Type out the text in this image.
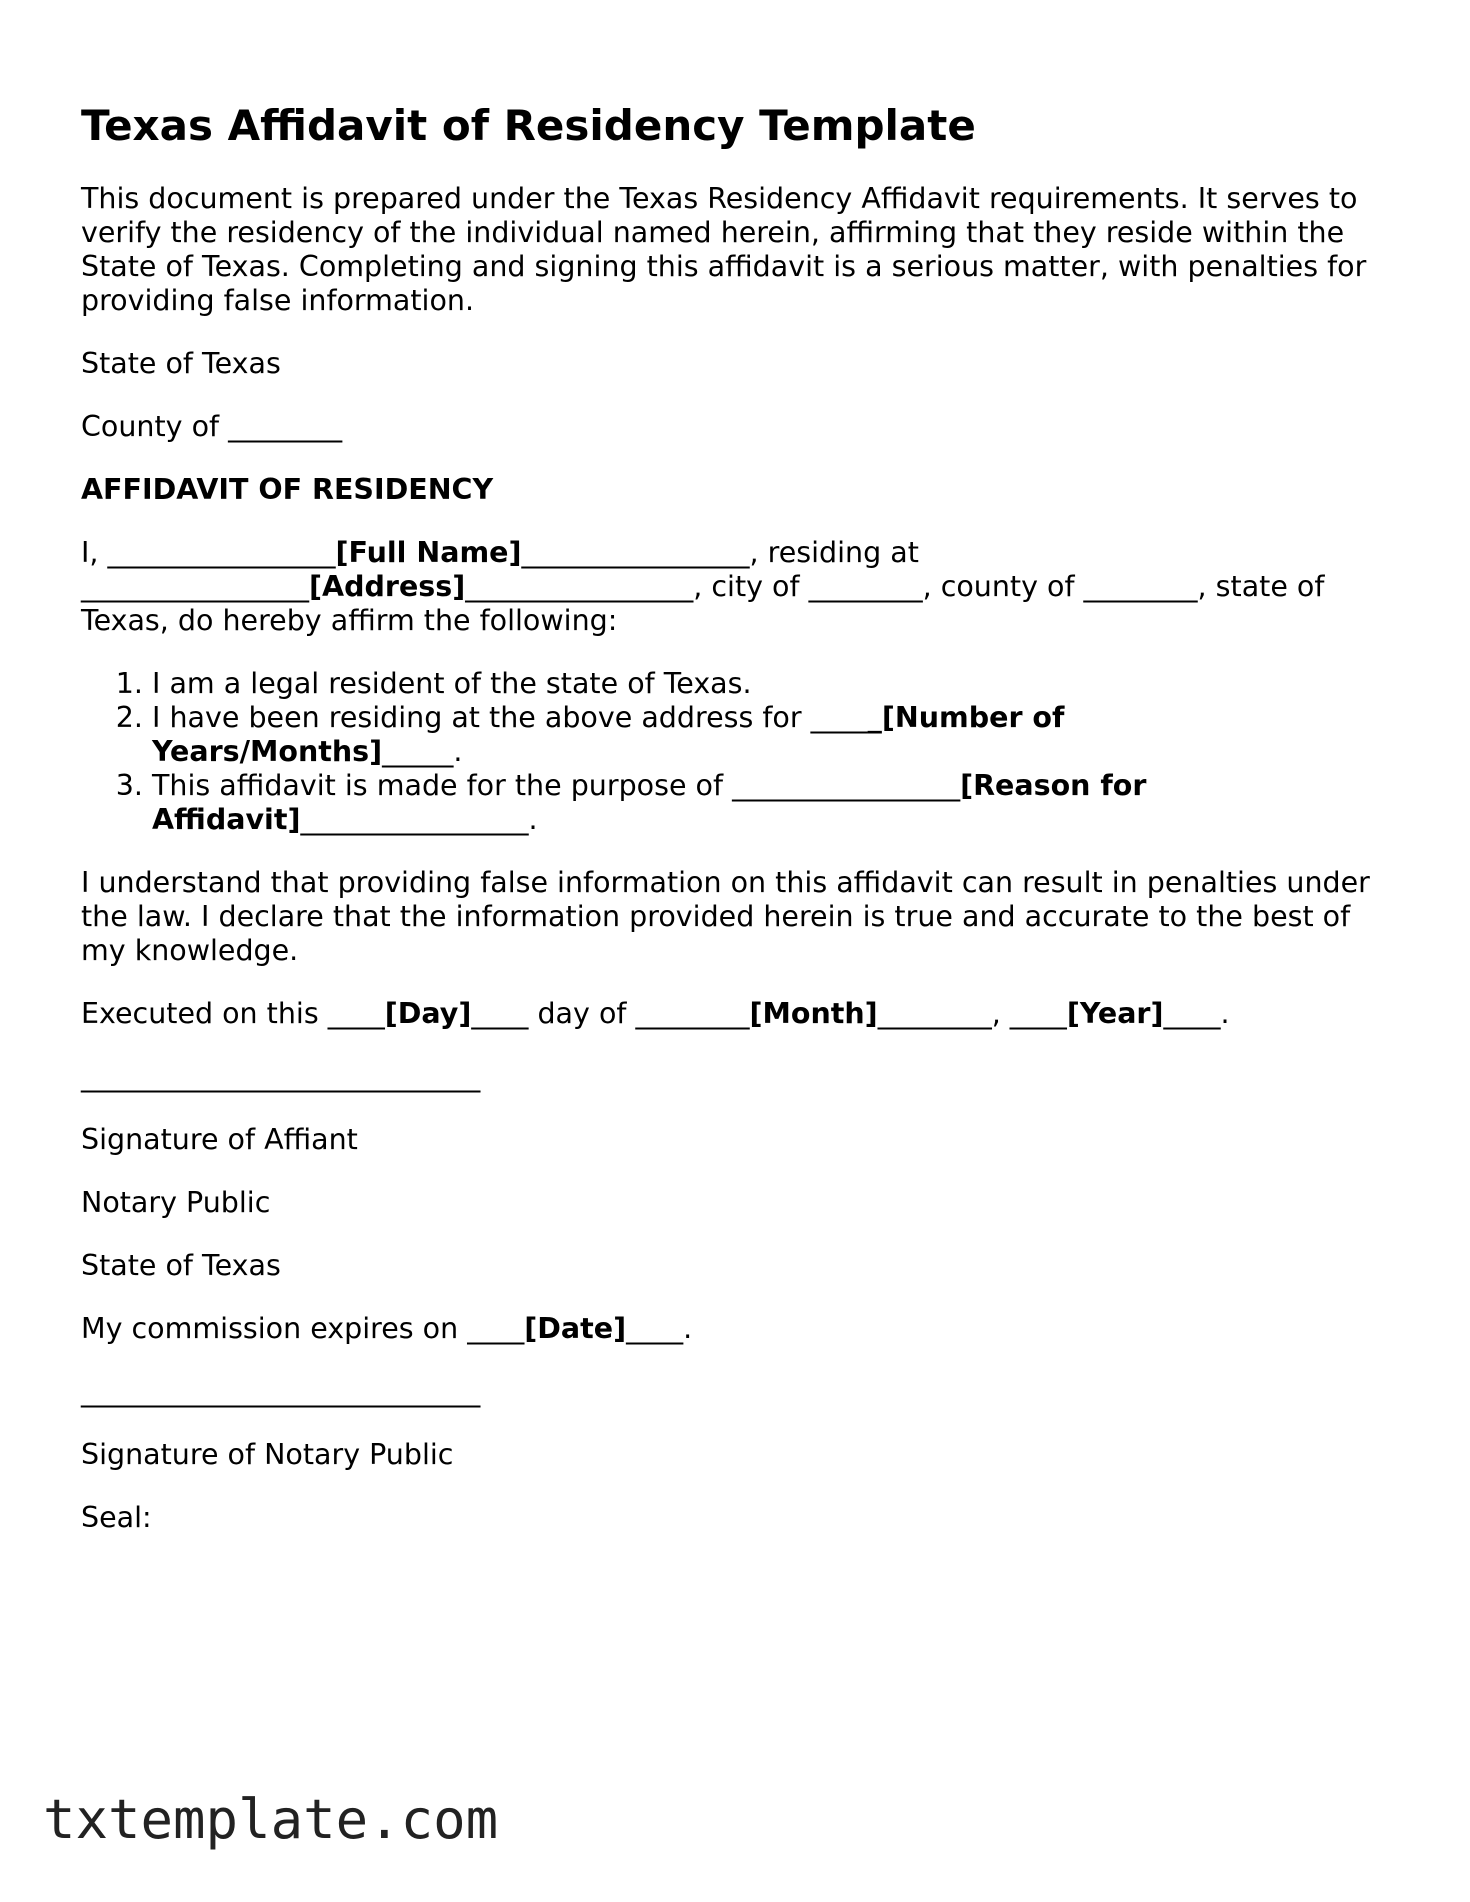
Texas Affidavit of Residency Template

This document is prepared under the Texas Residency Affidavit requirements. It serves to verify the residency of the individual named herein, affirming that they reside within the State of Texas. Completing and signing this affidavit is a serious matter, with penalties for providing false information.

State of Texas

County of ________

AFFIDAVIT OF RESIDENCY

I, ________________[Full Name]________________, residing at ________________[Address]________________, city of ________, county of ________, state of Texas, do hereby affirm the following:

1. I am a legal resident of the state of Texas.
2. I have been residing at the above address for _____[Number of Years/Months]_____.
3. This affidavit is made for the purpose of ________________[Reason for Affidavit]________________.

I understand that providing false information on this affidavit can result in penalties under the law. I declare that the information provided herein is true and accurate to the best of my knowledge.

Executed on this ____[Day]____ day of ________[Month]________, ____[Year]____.

_____________________________

Signature of Affiant

Notary Public

State of Texas

My commission expires on ____[Date]____.

_____________________________

Signature of Notary Public

Seal:

txtemplate.com
